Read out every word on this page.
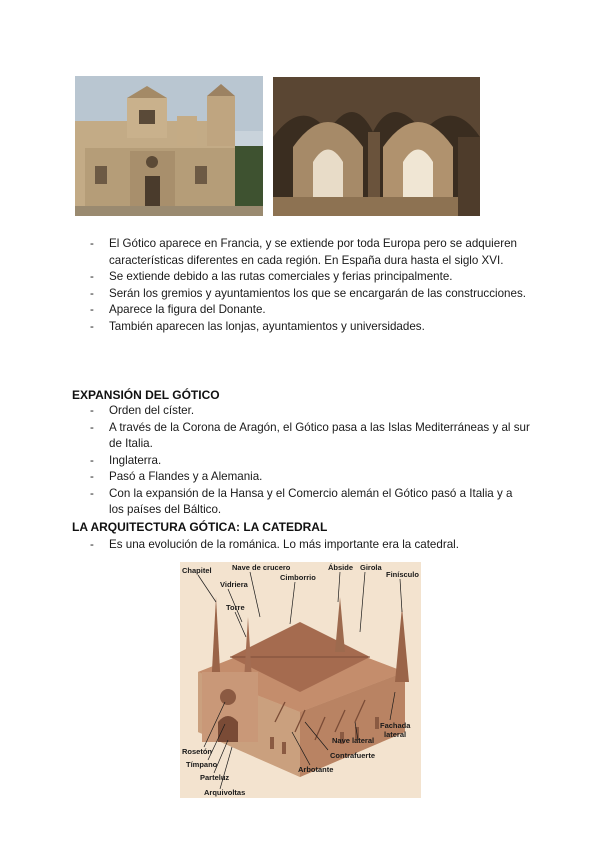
- El Gótico aparece en Francia, y se extiende por toda Europa pero se adquieren características diferentes en cada región. En España dura hasta el siglo XVI.
- Se extiende debido a las rutas comerciales y ferias principalmente.
- Serán los gremios y ayuntamientos los que se encargarán de las construcciones.
- Aparece la figura del Donante.
- También aparecen las lonjas, ayuntamientos y universidades.
EXPANSIÓN DEL GÓTICO
- Orden del císter.
- A través de la Corona de Aragón, el Gótico pasa a las Islas Mediterráneas y al sur de Italia.
- Inglaterra.
- Pasó a Flandes y a Alemania.
- Con la expansión de la Hansa y el Comercio alemán el Gótico pasó a Italia y a los países del Báltico.
LA ARQUITECTURA GÓTICA: LA CATEDRAL
- Es una evolución de la románica. Lo más importante era la catedral.
Chapitel	Nave de crucero
Cimborrio
Ábside Girola
Finísculo
Vidriera
Torre
Rosetón
Tímpano
Parteluz
Arquivoltas
Contrafuerte
Arbotante
Nave lateral
Fachada
lateral
